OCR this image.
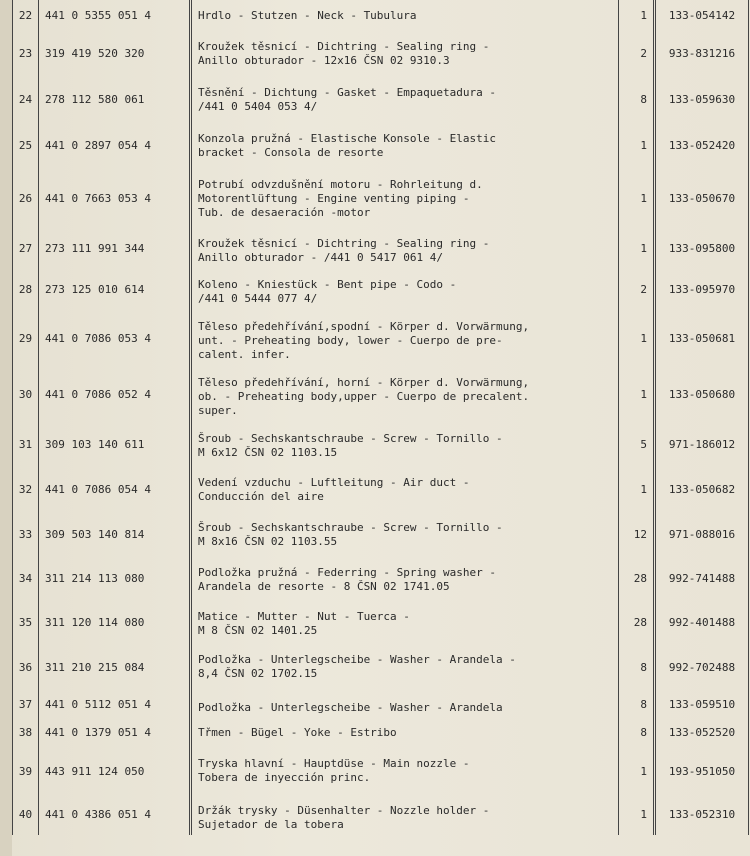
22	441 0 5355 051 4	Hrdlo - Stutzen - Neck - Tubulura	1	133-054142
23	319 419 520 320	Kroužek těsnicí - Dichtring - Sealing ring -
Anillo obturador - 12x16 ČSN 02 9310.3	2	933-831216
24	278 112 580 061	Těsnění - Dichtung - Gasket - Empaquetadura -
/441 0 5404 053 4/	8	133-059630
25	441 0 2897 054 4	Konzola pružná - Elastische Konsole - Elastic
bracket - Consola de resorte	1	133-052420
26	441 0 7663 053 4	Potrubí odvzdušnění motoru - Rohrleitung d.
Motorentlüftung - Engine venting piping -
Tub. de desaeración -motor	1	133-050670
27	273 111 991 344	Kroužek těsnicí - Dichtring - Sealing ring -
Anillo obturador - /441 0 5417 061 4/	1	133-095800
28	273 125 010 614	Koleno - Kniestück - Bent pipe - Codo -
/441 0 5444 077 4/	2	133-095970
29	441 0 7086 053 4	Těleso předehřívání,spodní - Körper d. Vorwärmung,
unt. - Preheating body, lower - Cuerpo de pre-
calent. infer.	1	133-050681
30	441 0 7086 052 4	Těleso předehřívání, horní - Körper d. Vorwärmung,
ob. - Preheating body,upper - Cuerpo de precalent.
super.	1	133-050680
31	309 103 140 611	Šroub - Sechskantschraube - Screw - Tornillo -
M 6x12 ČSN 02 1103.15	5	971-186012
32	441 0 7086 054 4	Vedení vzduchu - Luftleitung - Air duct -
Conducción del aire	1	133-050682
33	309 503 140 814	Šroub - Sechskantschraube - Screw - Tornillo -
M 8x16 ČSN 02 1103.55	12	971-088016
34	311 214 113 080	Podložka pružná - Federring - Spring washer -
Arandela de resorte - 8 ČSN 02 1741.05	28	992-741488
35	311 120 114 080	Matice - Mutter - Nut - Tuerca -
M 8 ČSN 02 1401.25	28	992-401488
36	311 210 215 084	Podložka - Unterlegscheibe - Washer - Arandela -
8,4 ČSN 02 1702.15	8	992-702488
37	441 0 5112 051 4	Podložka - Unterlegscheibe - Washer - Arandela	8	133-059510
38	441 0 1379 051 4	Třmen - Bügel - Yoke - Estribo	8	133-052520
39	443 911 124 050	Tryska hlavní - Hauptdüse - Main nozzle -
Tobera de inyección princ.	1	193-951050
40	441 0 4386 051 4	Držák trysky - Düsenhalter - Nozzle holder -
Sujetador de la tobera	1	133-052310
